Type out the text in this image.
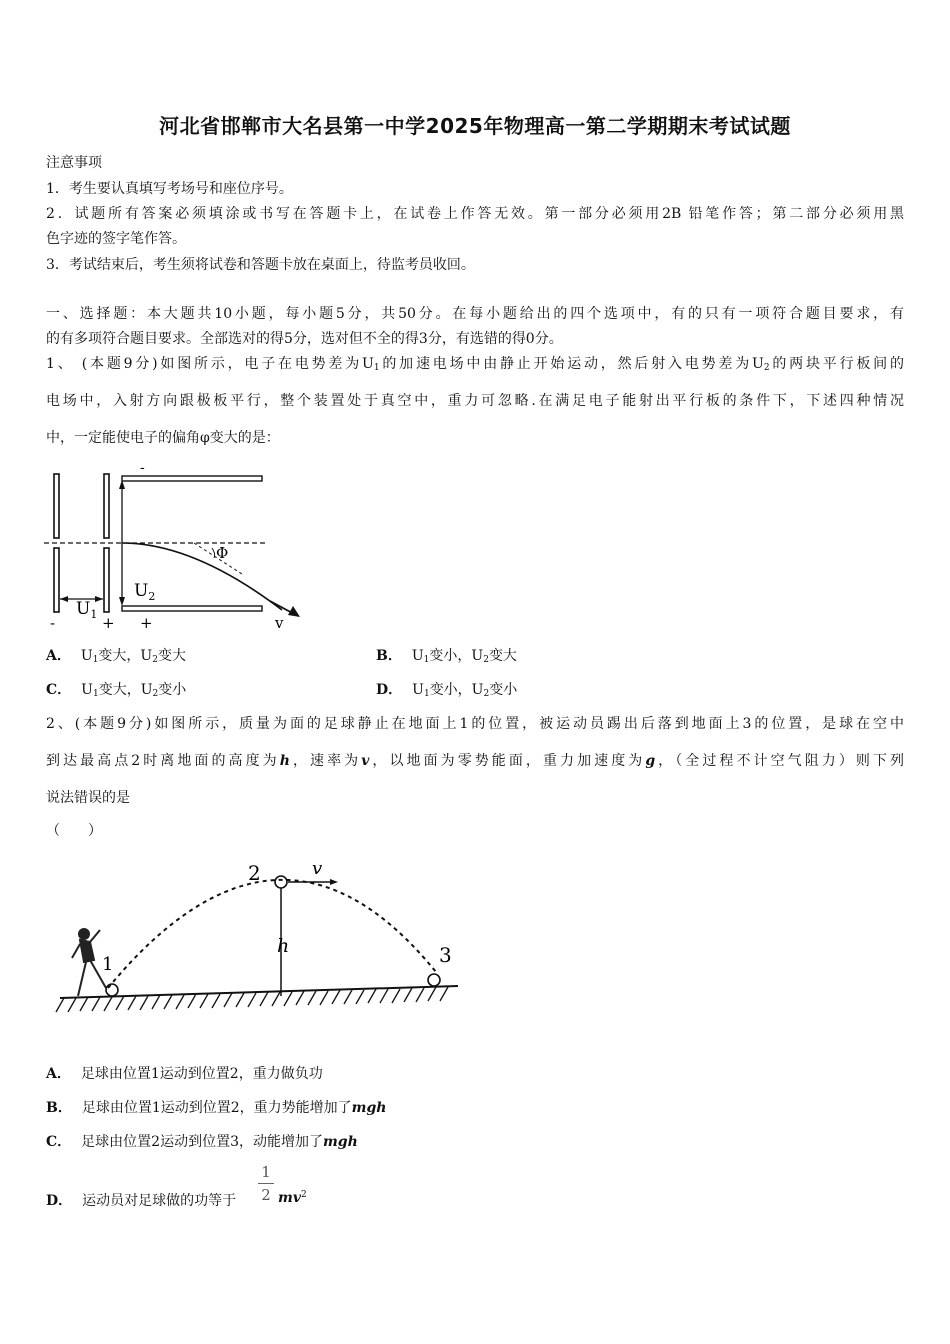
河北省邯郸市大名县第一中学2025年物理高一第二学期期末考试试题
注意事项
1．考生要认真填写考场号和座位序号。
2．试题所有答案必须填涂或书写在答题卡上，在试卷上作答无效。第一部分必须用2B 铅笔作答；第二部分必须用黑
色字迹的签字笔作答。
3．考试结束后，考生须将试卷和答题卡放在桌面上，待监考员收回。
一、选择题：本大题共10小题，每小题5分，共50分。在每小题给出的四个选项中，有的只有一项符合题目要求，有
的有多项符合题目要求。全部选对的得5分，选对但不全的得3分，有选错的得0分。
1、 (本题9分)如图所示，电子在电势差为$U_1$的加速电场中由静止开始运动，然后射入电势差为$U_2$的两块平行板间的
电场中，入射方向跟极板平行，整个装置处于真空中，重力可忽略.在满足电子能射出平行板的条件下，下述四种情况
中，一定能使电子的偏角φ变大的是：
-
Φ
$U_2$
$U_1$
-	+ +	v
A． $U_1$变大，$U_2$变大	B． $U_1$变小，$U_2$变大
C． $U_1$变大，$U_2$变小	D． $U_1$变小，$U_2$变小
2、(本题9分)如图所示，质量为面的足球静止在地面上1的位置，被运动员踢出后落到地面上3的位置，是球在空中
到达最高点2时离地面的高度为h，速率为v，以地面为零势能面，重力加速度为g，（全过程不计空气阻力）则下列
说法错误的是
（　　）
1
2
3
h
v
A． 足球由位置1运动到位置2，重力做负功
B． 足球由位置1运动到位置2，重力势能增加了mgh
C． 足球由位置2运动到位置3，动能增加了mgh
D． 运动员对足球做的功等于
1
2 $mv^2$
